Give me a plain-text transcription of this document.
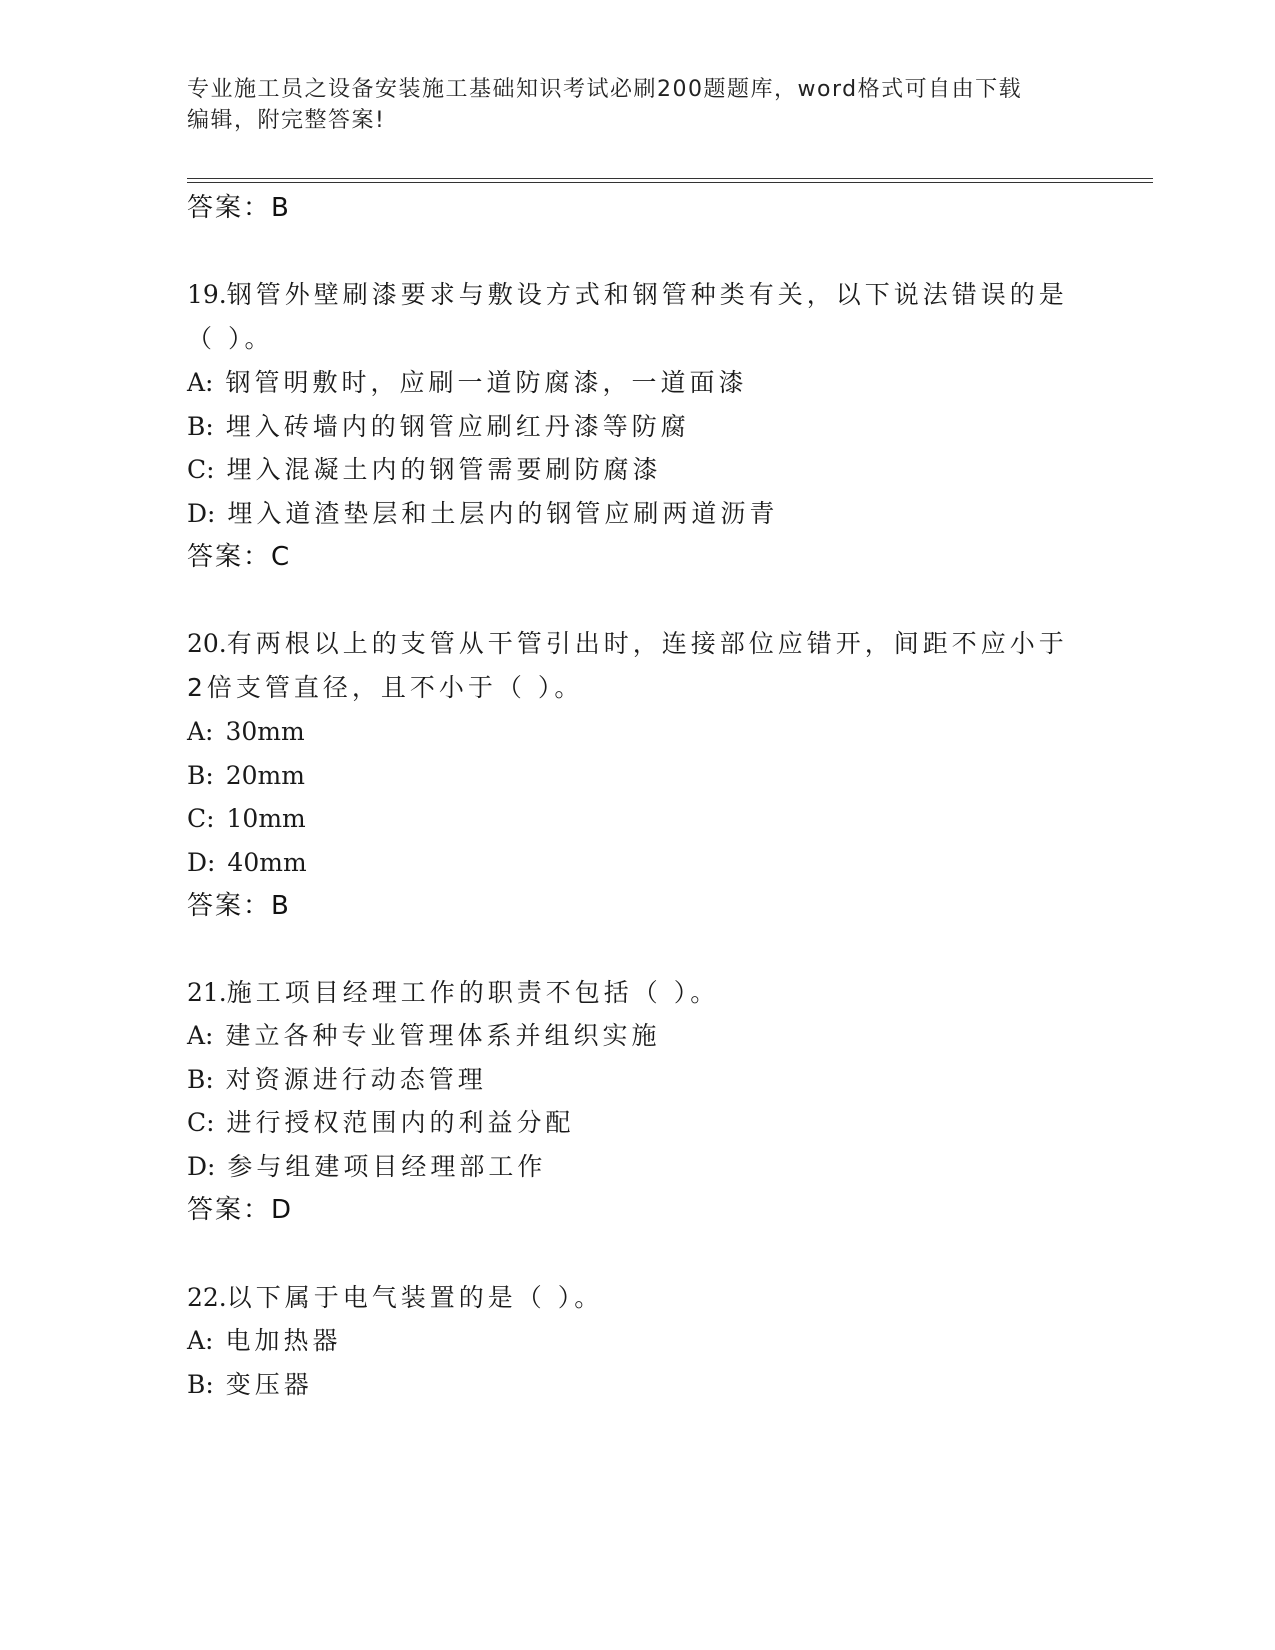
专业施工员之设备安装施工基础知识考试必刷200题题库，word格式可自由下载
编辑，附完整答案!
答案：B
19.钢管外壁刷漆要求与敷设方式和钢管种类有关，以下说法错误的是
（ ）。
A: 钢管明敷时，应刷一道防腐漆，一道面漆
B: 埋入砖墙内的钢管应刷红丹漆等防腐
C: 埋入混凝土内的钢管需要刷防腐漆
D: 埋入道渣垫层和土层内的钢管应刷两道沥青
答案：C
20.有两根以上的支管从干管引出时，连接部位应错开，间距不应小于
2倍支管直径，且不小于（ ）。
A: 30mm
B: 20mm
C: 10mm
D: 40mm
答案：B
21.施工项目经理工作的职责不包括（ ）。
A: 建立各种专业管理体系并组织实施
B: 对资源进行动态管理
C: 进行授权范围内的利益分配
D: 参与组建项目经理部工作
答案：D
22.以下属于电气装置的是（ ）。
A: 电加热器
B: 变压器
